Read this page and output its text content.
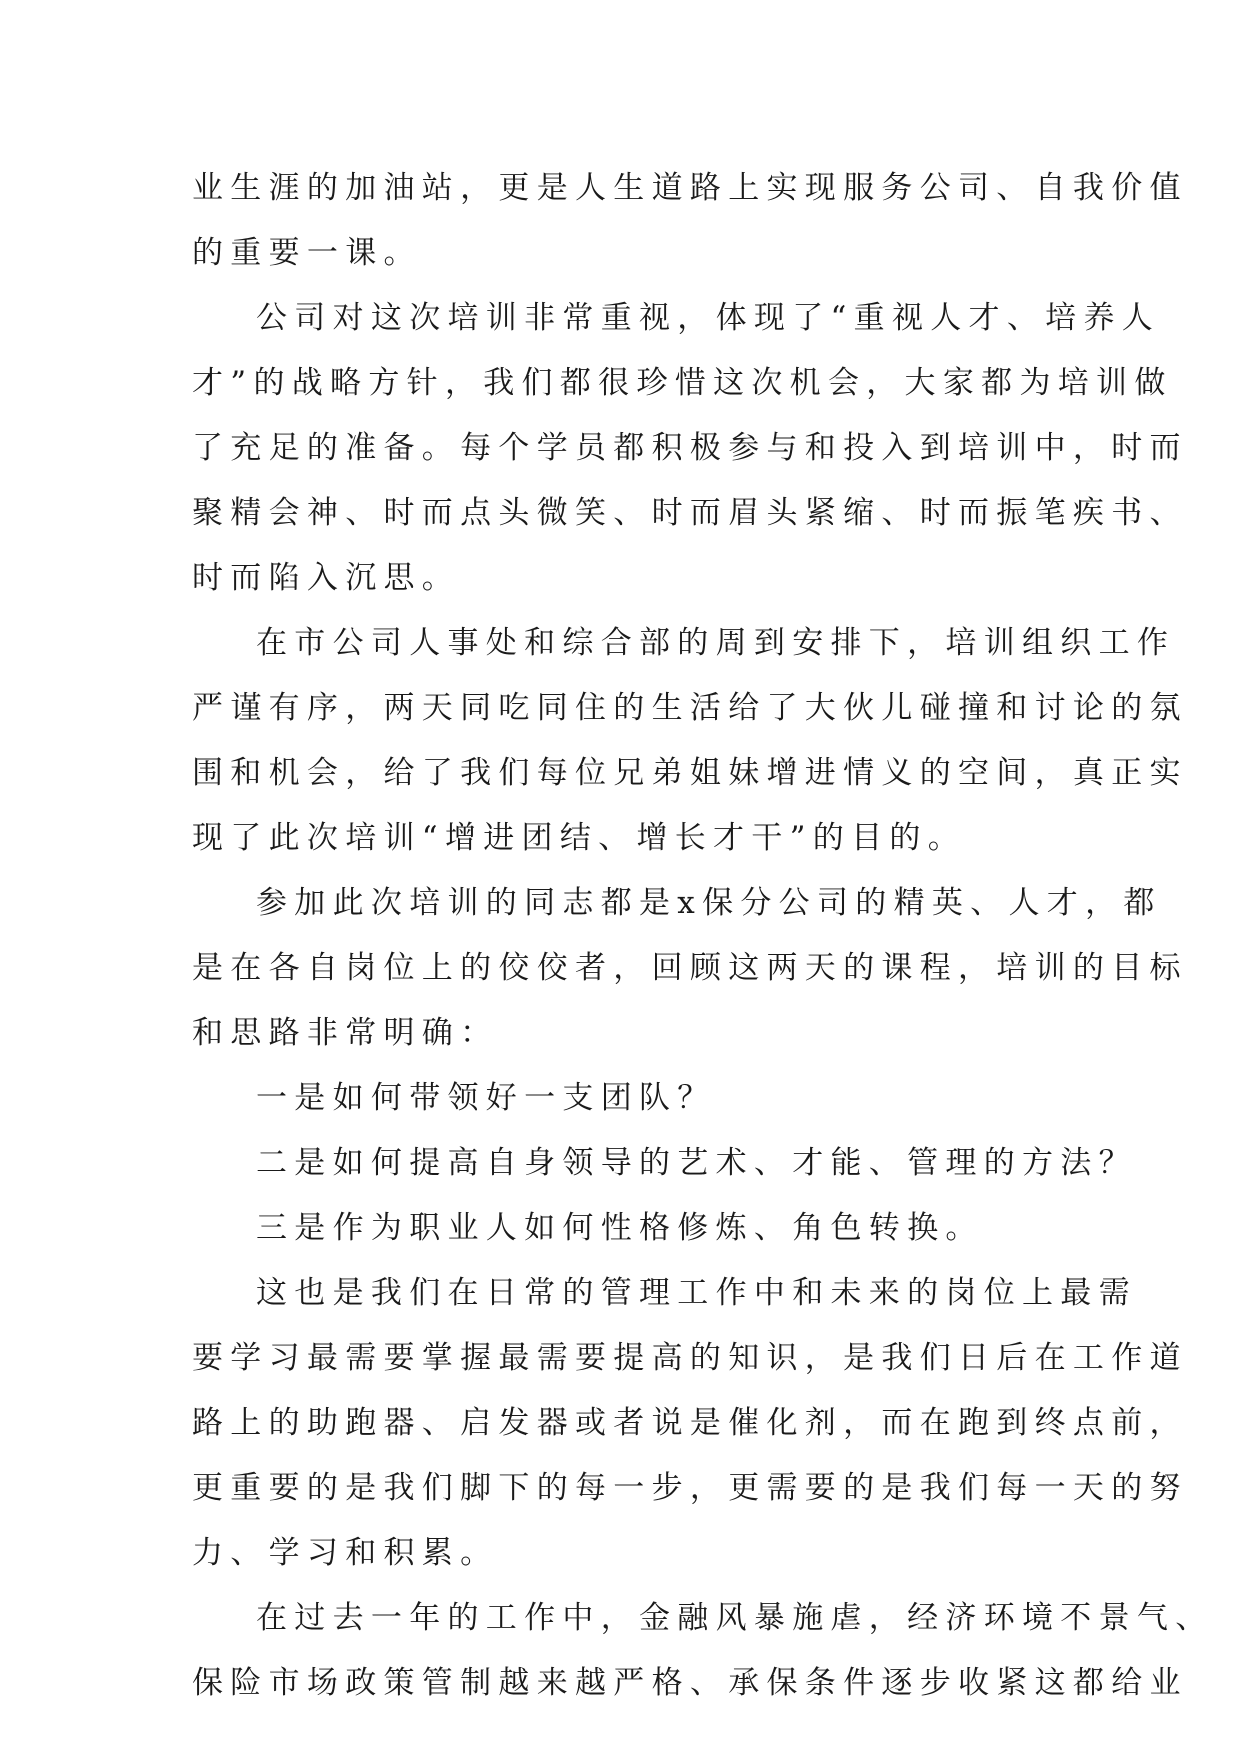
业生涯的加油站，更是人生道路上实现服务公司、自我价值
的重要一课。
公司对这次培训非常重视，体现了“重视人才、培养人
才”的战略方针，我们都很珍惜这次机会，大家都为培训做
了充足的准备。每个学员都积极参与和投入到培训中，时而
聚精会神、时而点头微笑、时而眉头紧缩、时而振笔疾书、
时而陷入沉思。
在市公司人事处和综合部的周到安排下，培训组织工作
严谨有序，两天同吃同住的生活给了大伙儿碰撞和讨论的氛
围和机会，给了我们每位兄弟姐妹增进情义的空间，真正实
现了此次培训“增进团结、增长才干”的目的。
参加此次培训的同志都是x保分公司的精英、人才，都
是在各自岗位上的佼佼者，回顾这两天的课程，培训的目标
和思路非常明确：
一是如何带领好一支团队？
二是如何提高自身领导的艺术、才能、管理的方法？
三是作为职业人如何性格修炼、角色转换。
这也是我们在日常的管理工作中和未来的岗位上最需
要学习最需要掌握最需要提高的知识，是我们日后在工作道
路上的助跑器、启发器或者说是催化剂，而在跑到终点前，
更重要的是我们脚下的每一步，更需要的是我们每一天的努
力、学习和积累。
在过去一年的工作中，金融风暴施虐，经济环境不景气、
保险市场政策管制越来越严格、承保条件逐步收紧这都给业
